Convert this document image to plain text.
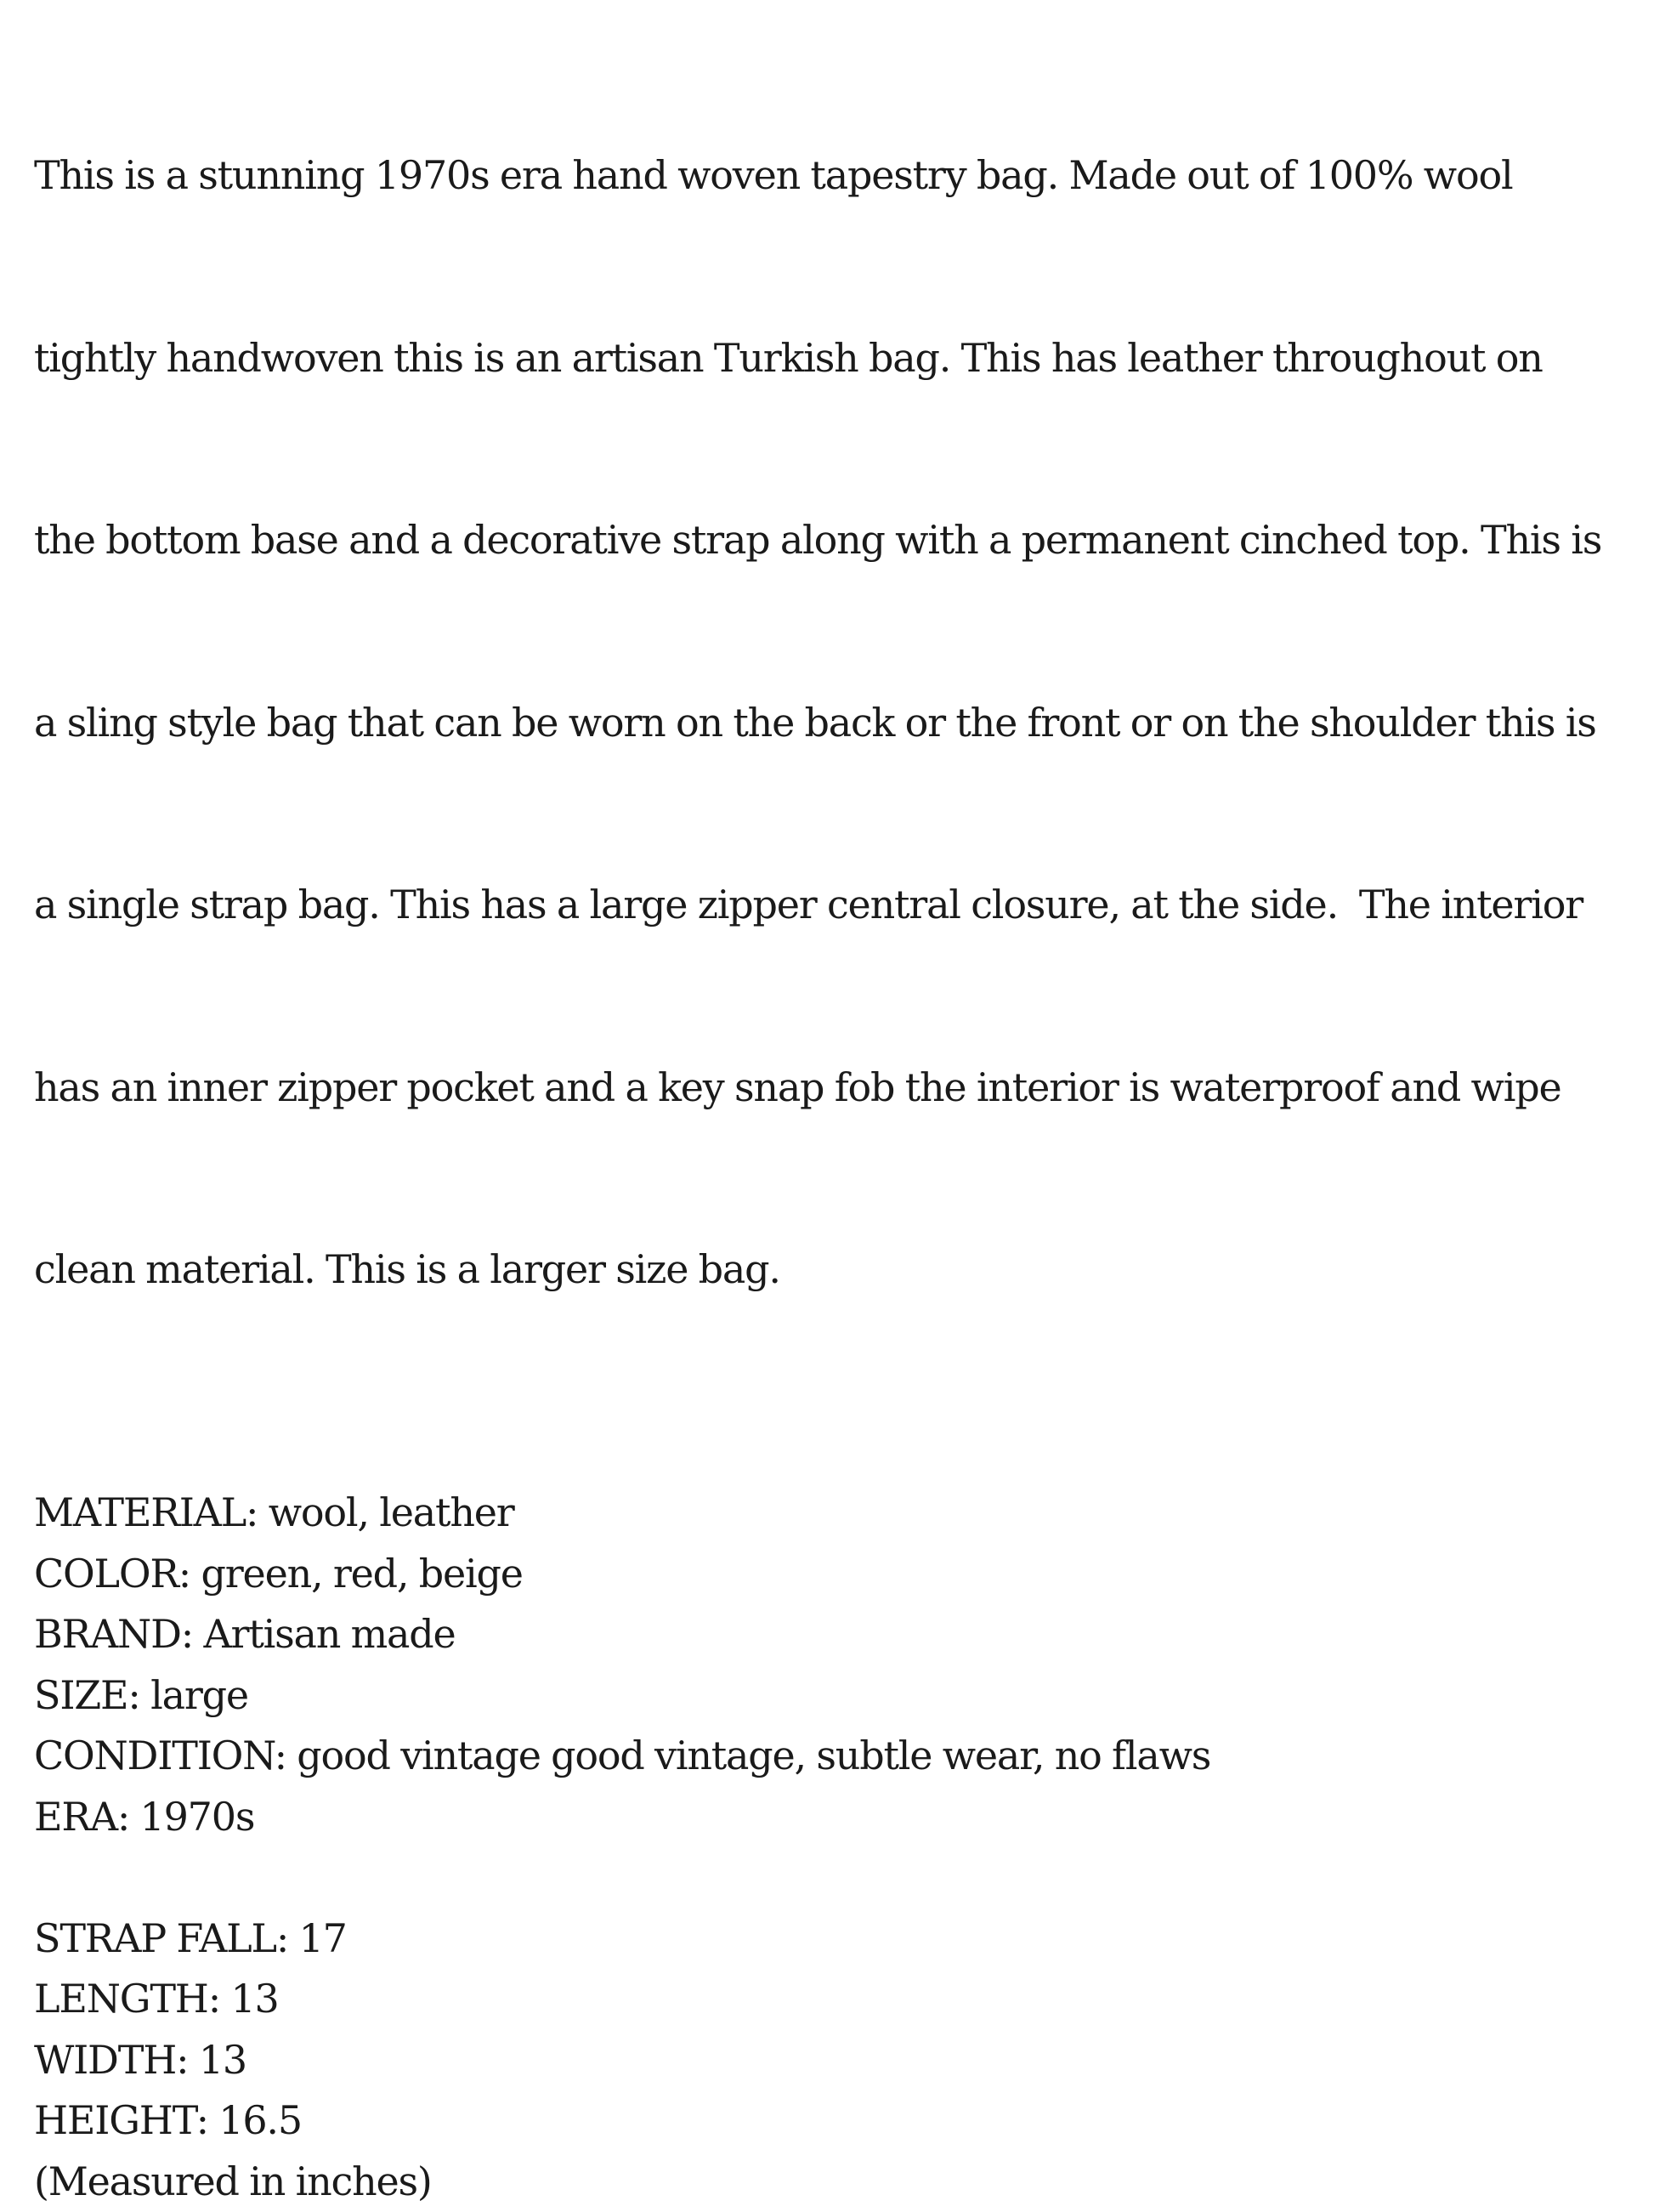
This is a stunning 1970s era hand woven tapestry bag. Made out of 100% wool

tightly handwoven this is an artisan Turkish bag. This has leather throughout on

the bottom base and a decorative strap along with a permanent cinched top. This is

a sling style bag that can be worn on the back or the front or on the shoulder this is

a single strap bag. This has a large zipper central closure, at the side.  The interior

has an inner zipper pocket and a key snap fob the interior is waterproof and wipe

clean material. This is a larger size bag.

MATERIAL: wool, leather
COLOR: green, red, beige
BRAND: Artisan made
SIZE: large
CONDITION: good vintage good vintage, subtle wear, no flaws
ERA: 1970s
STRAP FALL: 17
LENGTH: 13
WIDTH: 13
HEIGHT: 16.5
(Measured in inches)
